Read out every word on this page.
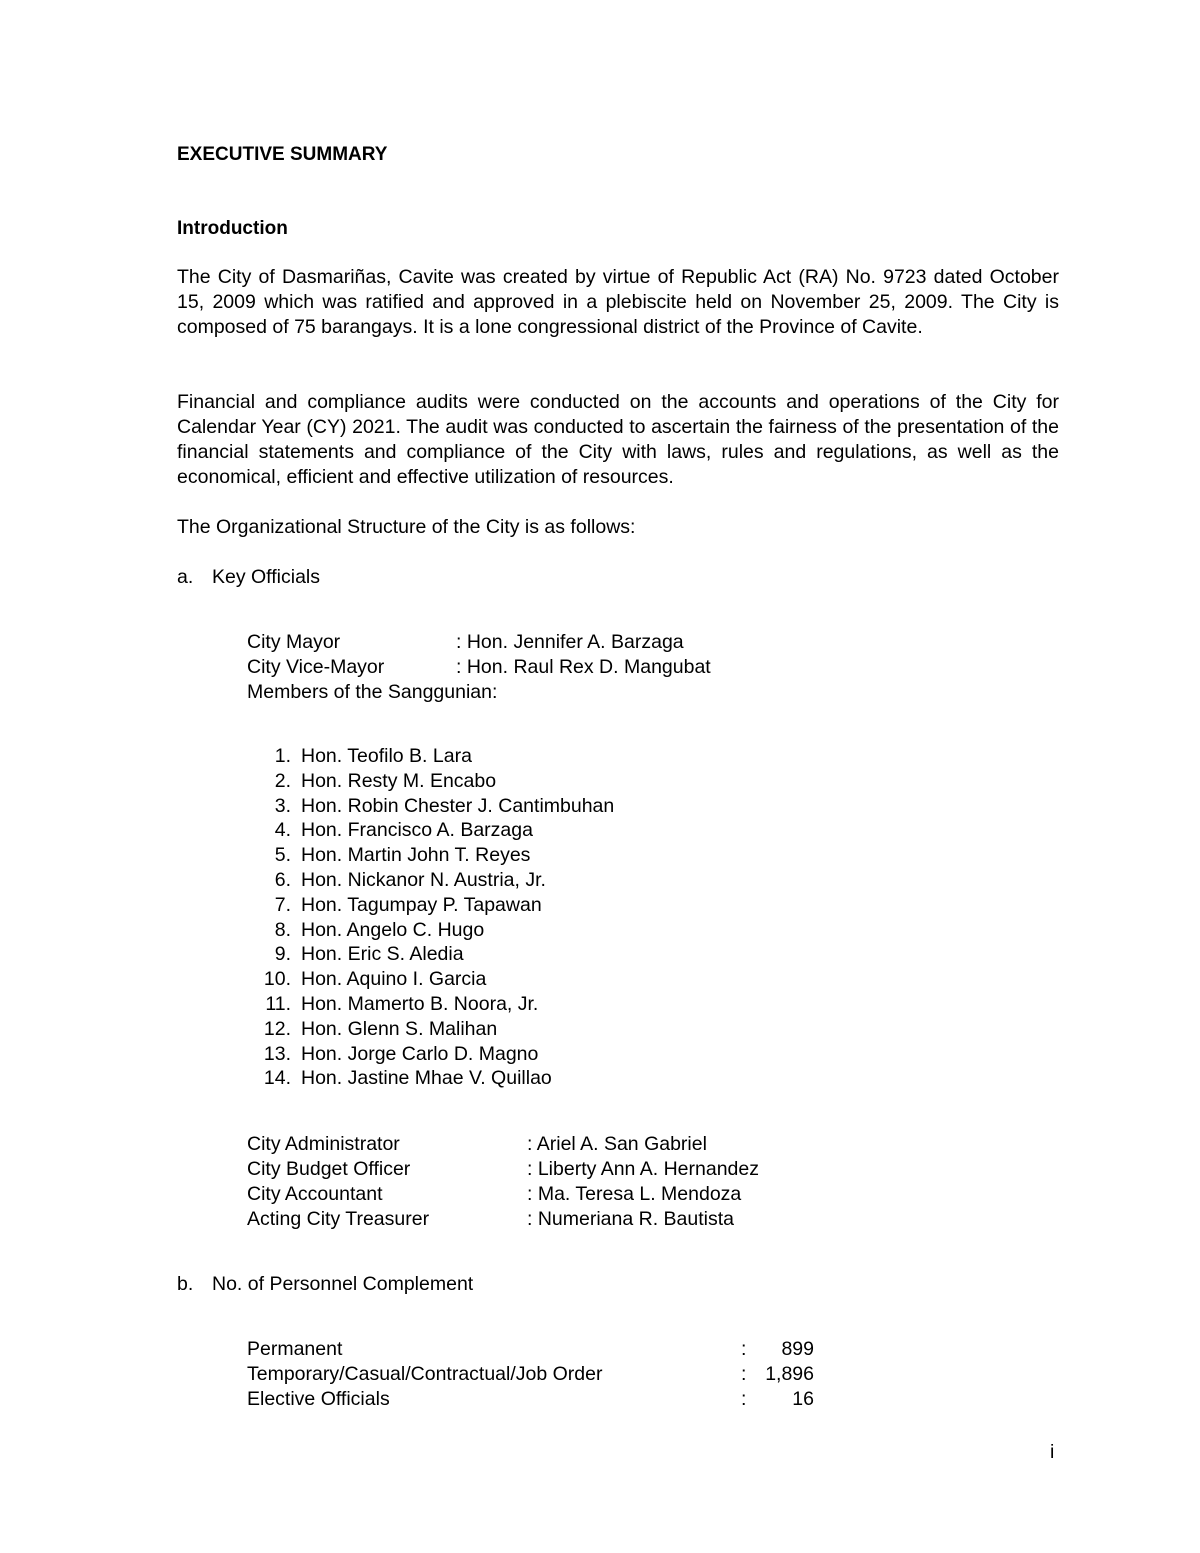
EXECUTIVE SUMMARY

Introduction

The City of Dasmariñas, Cavite was created by virtue of Republic Act (RA) No. 9723 dated October 15, 2009 which was ratified and approved in a plebiscite held on November 25, 2009. The City is composed of 75 barangays. It is a lone congressional district of the Province of Cavite.

Financial and compliance audits were conducted on the accounts and operations of the City for Calendar Year (CY) 2021. The audit was conducted to ascertain the fairness of the presentation of the financial statements and compliance of the City with laws, rules and regulations, as well as the economical, efficient and effective utilization of resources.

The Organizational Structure of the City is as follows:

a. Key Officials
City Mayor	: Hon. Jennifer A. Barzaga
City Vice-Mayor	: Hon. Raul Rex D. Mangubat

Members of the Sanggunian:

1. Hon. Teofilo B. Lara
2. Hon. Resty M. Encabo
3. Hon. Robin Chester J. Cantimbuhan
4. Hon. Francisco A. Barzaga
5. Hon. Martin John T. Reyes
6. Hon. Nickanor N. Austria, Jr.
7. Hon. Tagumpay P. Tapawan
8. Hon. Angelo C. Hugo
9. Hon. Eric S. Aledia
10. Hon. Aquino I. Garcia
11. Hon. Mamerto B. Noora, Jr.
12. Hon. Glenn S. Malihan
13. Hon. Jorge Carlo D. Magno
14. Hon. Jastine Mhae V. Quillao
City Administrator	: Ariel A. San Gabriel
City Budget Officer	: Liberty Ann A. Hernandez
City Accountant	: Ma. Teresa L. Mendoza
Acting City Treasurer	: Numeriana R. Bautista
b. No. of Personnel Complement
Permanent	: 899
Temporary/Casual/Contractual/Job Order	: 1,896
Elective Officials	: 16

i
